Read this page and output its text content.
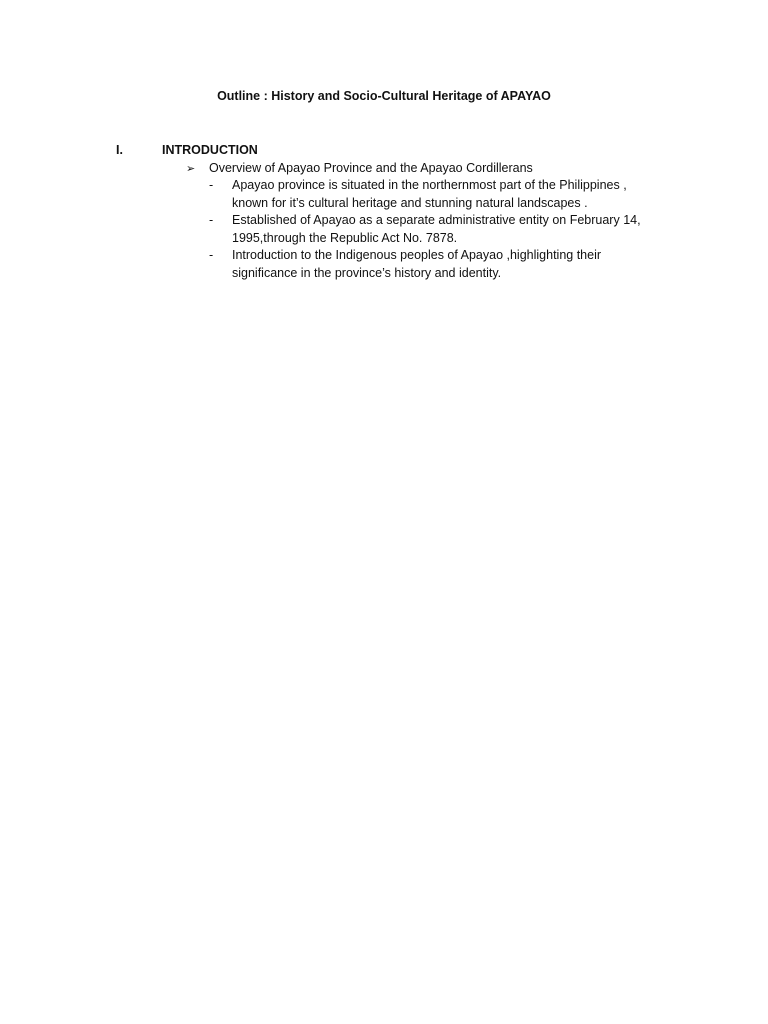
Outline : History and Socio-Cultural Heritage of APAYAO
I.	INTRODUCTION
➢ Overview of Apayao Province and the Apayao Cordillerans
- Apayao province is situated in the northernmost part of the Philippines ,
known for it’s cultural heritage and stunning natural landscapes .
- Established of Apayao as a separate administrative entity on February 14,
1995,through the Republic Act No. 7878.
- Introduction to the Indigenous peoples of Apayao ,highlighting their
significance in the province’s history and identity.
